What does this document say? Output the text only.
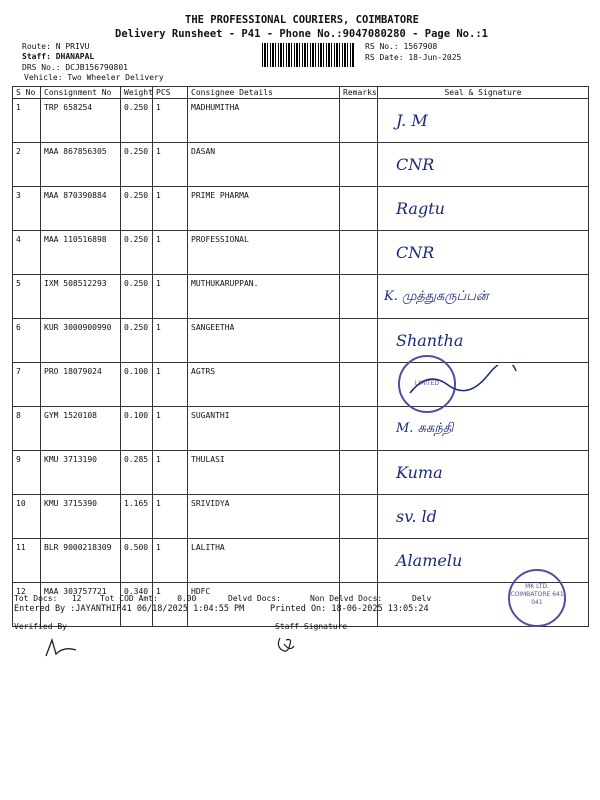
THE PROFESSIONAL COURIERS, COIMBATORE
Delivery Runsheet - P41 - Phone No.:9047080280 - Page No.:1
Route: N PRIVU
Staff: DHANAPAL
DRS No.: DCJB156790801
Vehicle: Two Wheeler Delivery
RS No.: 1567908
RS Date: 18-Jun-2025
S No	Consignment No	Weight	PCS	Consignee Details	Remarks	Seal & Signature
1	TRP 658254	0.250	1	MADHUMITHA		J. M
2	MAA 867856305	0.250	1	DASAN		CNR
3	MAA 870390884	0.250	1	PRIME PHARMA		Ragtu
4	MAA 110516898	0.250	1	PROFESSIONAL		CNR
5	IXM 508512293	0.250	1	MUTHUKARUPPAN.		K. முத்துகருப்பன்
6	KUR 3000900990	0.250	1	SANGEETHA		Shantha
7	PRO 18079024	0.100	1	AGTRS		LIMITED

8	GYM 1520108	0.100	1	SUGANTHI		M. சுகந்தி
9	KMU 3713190	0.285	1	THULASI		Kuma
10	KMU 3715390	1.165	1	SRIVIDYA		sv. ld
11	BLR 9000218309	0.500	1	LALITHA		Alamelu
12	MAA 303757721	0.340	1	HDFC		MK LTD. COIMBATORE 641 041
Tot Docs: 12 Tot COD Amt: 0.00	Delvd Docs:	Non Delvd Docs:	Delv
Entered By :JAYANTHIP41 06/18/2025 1:04:55 PM	Printed On: 18-06-2025 13:05:24
Verified By	Staff Signature
